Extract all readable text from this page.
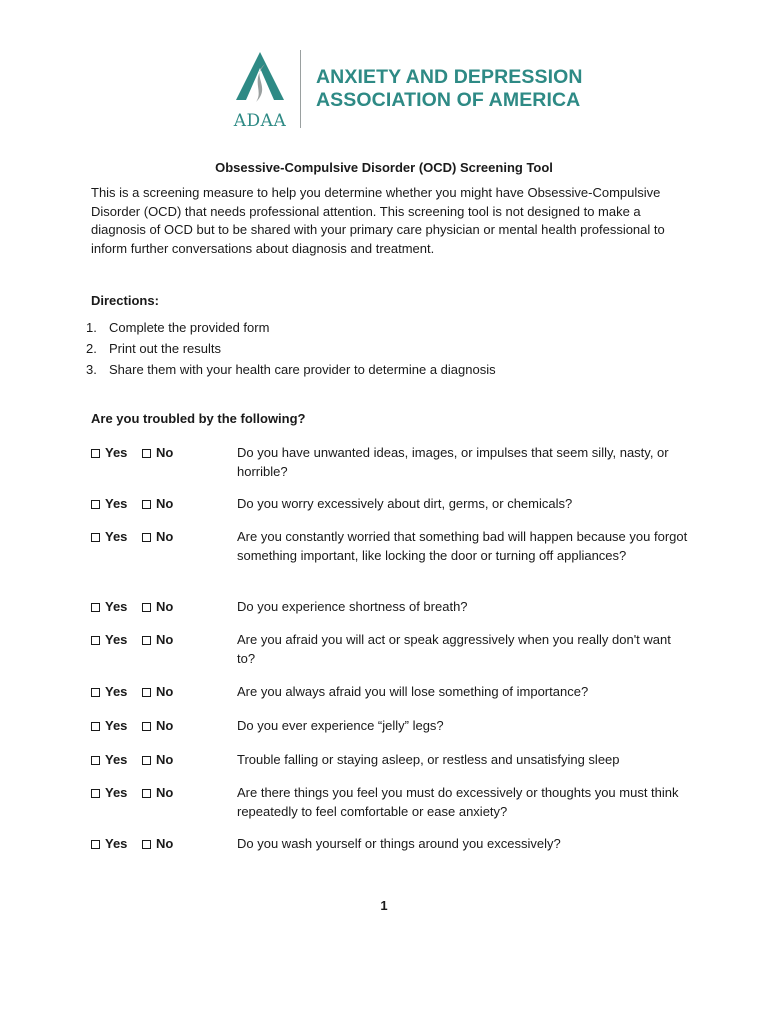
ADAA
ANXIETY AND DEPRESSION
ASSOCIATION OF AMERICA
Obsessive-Compulsive Disorder (OCD) Screening Tool
This is a screening measure to help you determine whether you might have Obsessive-Compulsive Disorder (OCD) that needs professional attention. This screening tool is not designed to make a diagnosis of OCD but to be shared with your primary care physician or mental health professional to inform further conversations about diagnosis and treatment.
Directions:
1. Complete the provided form
2. Print out the results
3. Share them with your health care provider to determine a diagnosis
Are you troubled by the following?
Yes No	Do you have unwanted ideas, images, or impulses that seem silly, nasty, or horrible?
Yes No	Do you worry excessively about dirt, germs, or chemicals?
Yes No	Are you constantly worried that something bad will happen because you forgot something important, like locking the door or turning off appliances?
Yes No	Do you experience shortness of breath?
Yes No	Are you afraid you will act or speak aggressively when you really don't want to?
Yes No	Are you always afraid you will lose something of importance?
Yes No	Do you ever experience “jelly” legs?
Yes No	Trouble falling or staying asleep, or restless and unsatisfying sleep
Yes No	Are there things you feel you must do excessively or thoughts you must think repeatedly to feel comfortable or ease anxiety?
Yes No	Do you wash yourself or things around you excessively?
1
